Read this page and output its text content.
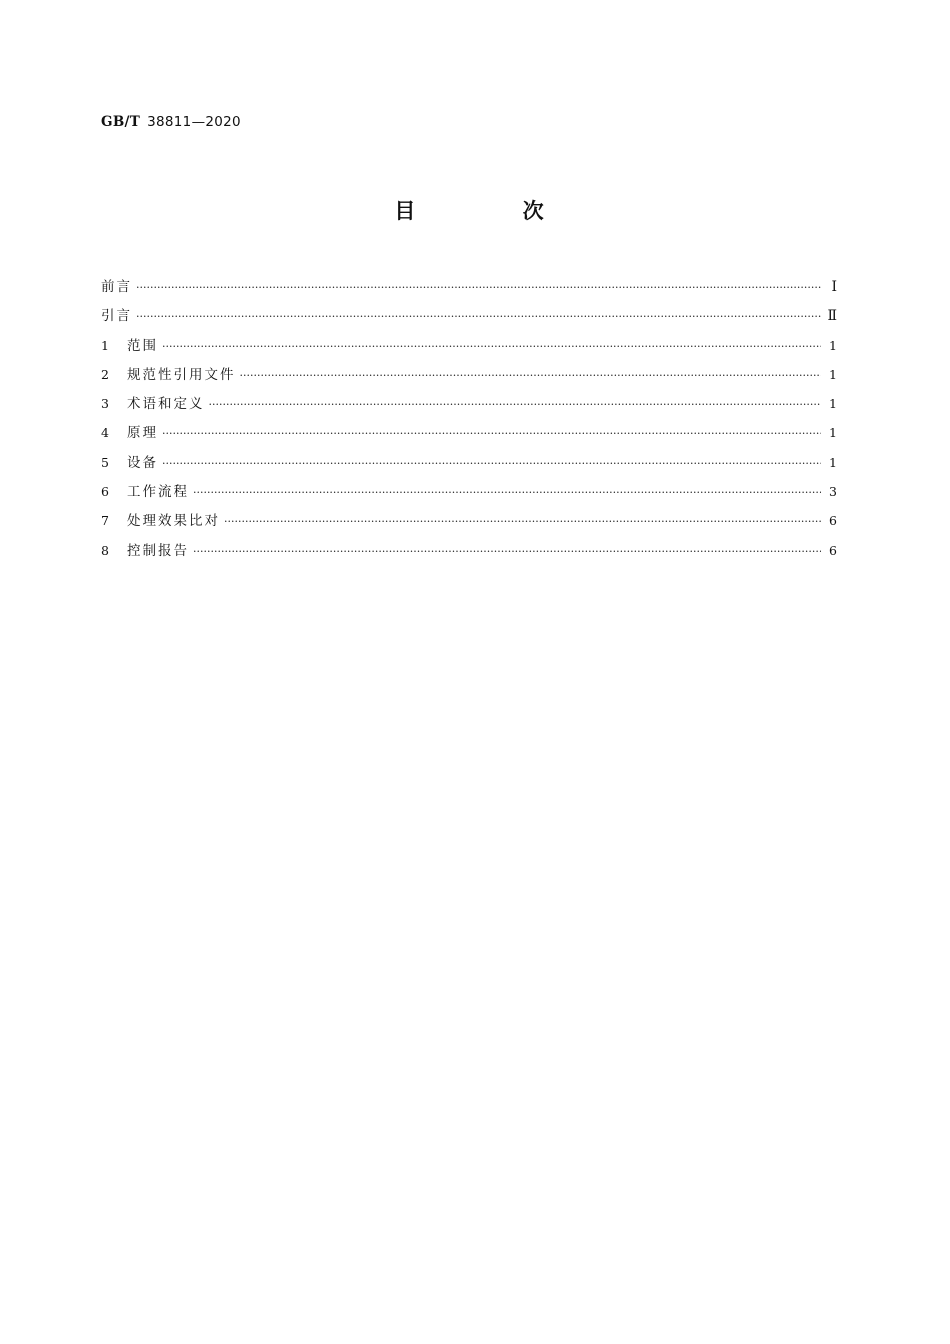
GB/T 38811—2020
目 次
前言 ·····	Ⅰ
引言 ·····	Ⅱ
1	范围 ·····	1
2	规范性引用文件 ·····	1
3	术语和定义 ·····	1
4	原理 ·····	1
5	设备 ·····	1
6	工作流程 ·····	3
7	处理效果比对 ·····	6
8	控制报告 ·····	6
